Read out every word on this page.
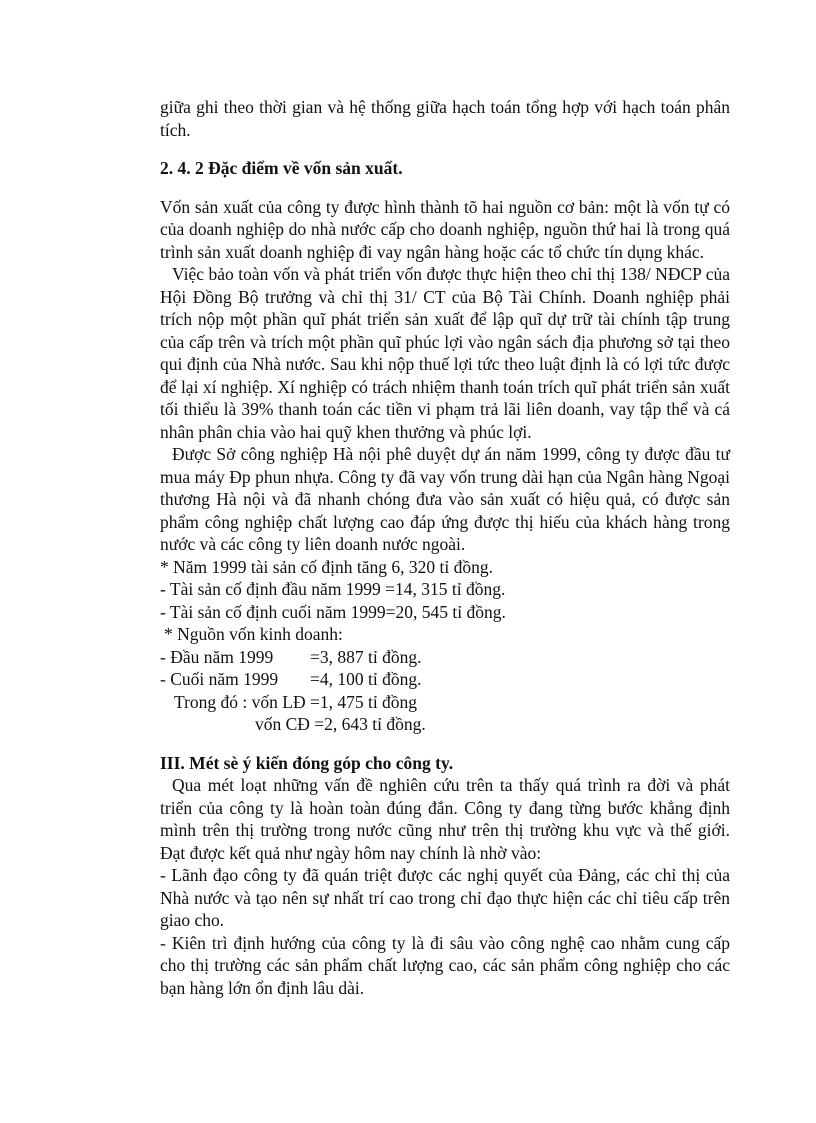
giữa ghi theo thời gian và hệ thống giữa hạch toán tổng hợp với hạch toán phân tích.

2. 4. 2 Đặc điểm về vốn sản xuất.

Vốn sản xuất của công ty được hình thành tõ hai nguồn cơ bản: một là vốn tự có của doanh nghiệp do nhà nước cấp cho doanh nghiệp, nguồn thứ hai là trong quá trình sản xuất doanh nghiệp đi vay ngân hàng hoặc các tổ chức tín dụng khác.

Việc bảo toàn vốn và phát triển vốn được thực hiện theo chỉ thị 138/ NĐCP của Hội Đồng Bộ trưởng và chỉ thị 31/ CT của Bộ Tài Chính. Doanh nghiệp phải trích nộp một phần quĩ phát triển sản xuất để lập quĩ dự trữ tài chính tập trung của cấp trên và trích một phần quĩ phúc lợi vào ngân sách địa phương sở tại theo qui định của Nhà nước. Sau khi nộp thuế lợi tức theo luật định là có lợi tức được để lại xí nghiệp. Xí nghiệp có trách nhiệm thanh toán trích quĩ phát triển sản xuất tối thiểu là 39% thanh toán các tiền vi phạm trả lãi liên doanh, vay tập thể và cá nhân phân chia vào hai quỹ khen thưởng và phúc lợi.

Được Sở công nghiệp Hà nội phê duyệt dự án năm 1999, công ty được đầu tư mua máy Đp phun nhựa. Công ty đã vay vốn trung dài hạn của Ngân hàng Ngoại thương Hà nội và đã nhanh chóng đưa vào sản xuất có hiệu quả, có được sản phẩm công nghiệp chất lượng cao đáp ứng được thị hiếu của khách hàng trong nước và các công ty liên doanh nước ngoài.

* Năm 1999 tài sản cố định tăng 6, 320 tỉ đồng.

- Tài sản cố định đầu năm 1999 =14, 315 tỉ đồng.

- Tài sản cố định cuối năm 1999=20, 545 tỉ đồng.

* Nguồn vốn kinh doanh:

- Đầu năm 1999 =3, 887 tỉ đồng.

- Cuối năm 1999 =4, 100 tỉ đồng.

Trong đó : vốn LĐ =1, 475 tỉ đồng

vốn CĐ =2, 643 tỉ đồng.

III. Mét sè ý kiến đóng góp cho công ty.

Qua mét loạt những vấn đề nghiên cứu trên ta thấy quá trình ra đời và phát triển của công ty là hoàn toàn đúng đắn. Công ty đang từng bước khẳng định mình trên thị trường trong nước cũng như trên thị trường khu vực và thế giới. Đạt được kết quả như ngày hôm nay chính là nhờ vào:

- Lãnh đạo công ty đã quán triệt được các nghị quyết của Đảng, các chỉ thị của Nhà nước và tạo nên sự nhất trí cao trong chỉ đạo thực hiện các chỉ tiêu cấp trên giao cho.

- Kiên trì định hướng của công ty là đi sâu vào công nghệ cao nhằm cung cấp cho thị trường các sản phẩm chất lượng cao, các sản phẩm công nghiệp cho các bạn hàng lớn ổn định lâu dài.
